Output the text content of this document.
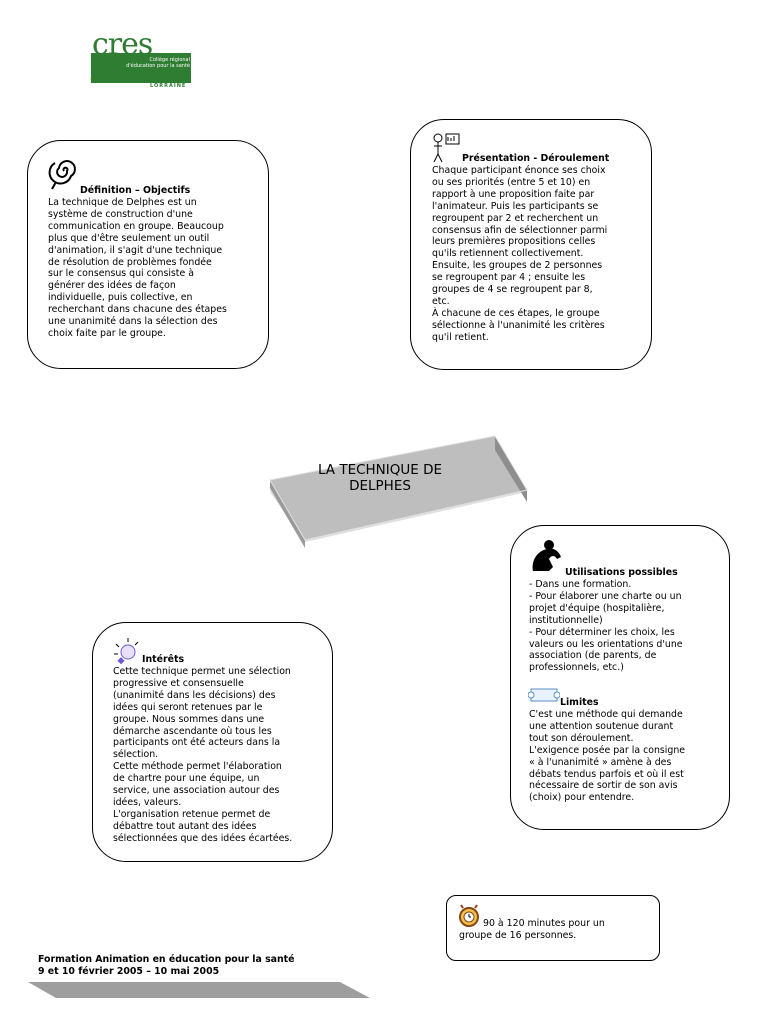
cres
Collège régional
d'éducation pour la santé
LORRAINE
Définition – Objectifs
La technique de Delphes est un
système de construction d'une
communication en groupe. Beaucoup
plus que d'être seulement un outil
d'animation, il s'agit d'une technique
de résolution de problèmes fondée
sur le consensus qui consiste à
générer des idées de façon
individuelle, puis collective, en
recherchant dans chacune des étapes
une unanimité dans la sélection des
choix faite par le groupe.
Présentation - Déroulement
Chaque participant énonce ses choix
ou ses priorités (entre 5 et 10) en
rapport à une proposition faite par
l'animateur. Puis les participants se
regroupent par 2 et recherchent un
consensus afin de sélectionner parmi
leurs premières propositions celles
qu'ils retiennent collectivement.
Ensuite, les groupes de 2 personnes
se regroupent par 4 ; ensuite les
groupes de 4 se regroupent par 8,
etc.
À chacune de ces étapes, le groupe
sélectionne à l'unanimité les critères
qu'il retient.
LA TECHNIQUE DE
DELPHES
Utilisations possibles
- Dans une formation.
- Pour élaborer une charte ou un
projet d'équipe (hospitalière,
institutionnelle)
- Pour déterminer les choix, les
valeurs ou les orientations d'une
association (de parents, de
professionnels, etc.)
Limites
C'est une méthode qui demande
une attention soutenue durant
tout son déroulement.
L'exigence posée par la consigne
« à l'unanimité » amène à des
débats tendus parfois et où il est
nécessaire de sortir de son avis
(choix) pour entendre.
Intérêts
Cette technique permet une sélection
progressive et consensuelle
(unanimité dans les décisions) des
idées qui seront retenues par le
groupe. Nous sommes dans une
démarche ascendante où tous les
participants ont été acteurs dans la
sélection.
Cette méthode permet l'élaboration
de chartre pour une équipe, un
service, une association autour des
idées, valeurs.
L'organisation retenue permet de
débattre tout autant des idées
sélectionnées que des idées écartées.
90 à 120 minutes pour un
groupe de 16 personnes.
Formation Animation en éducation pour la santé
9 et 10 février 2005 – 10 mai 2005
